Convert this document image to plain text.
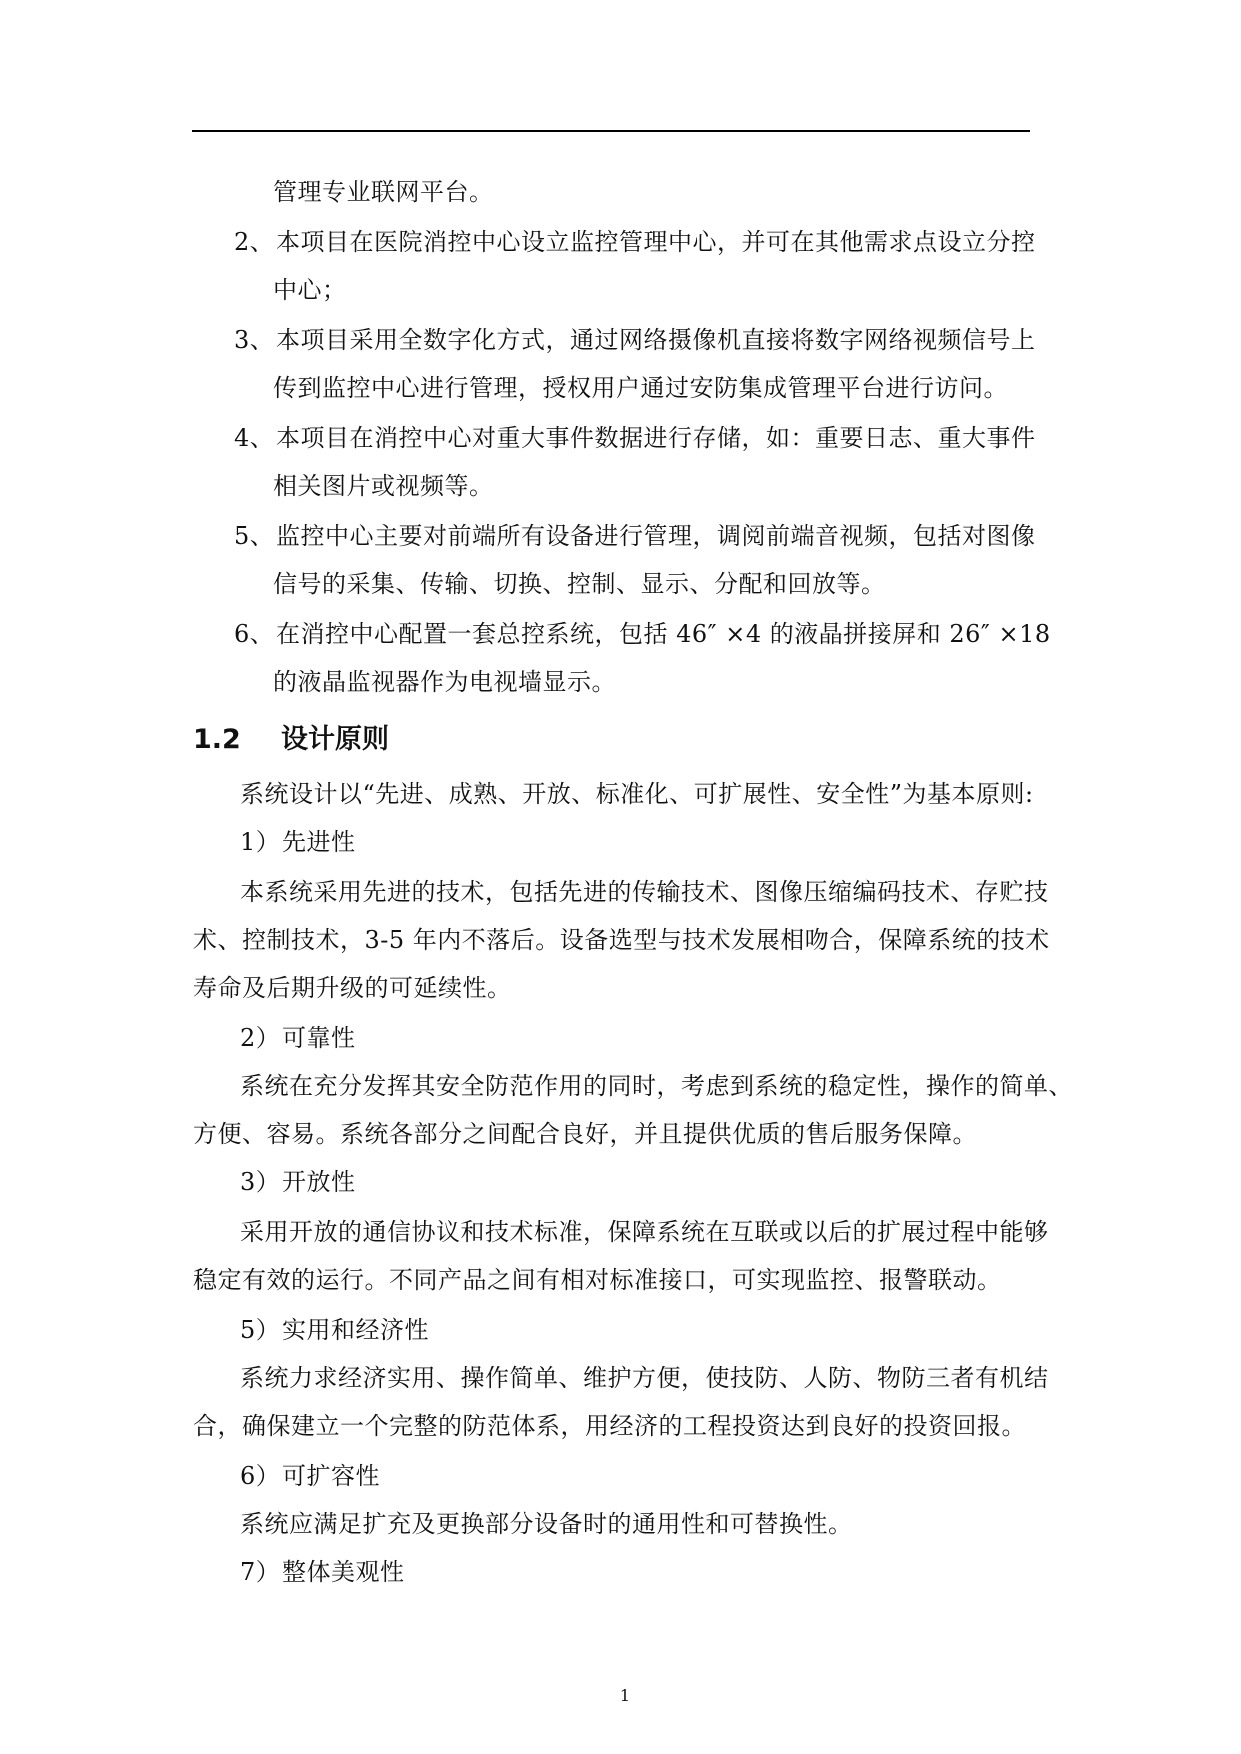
管理专业联网平台。
2、本项目在医院消控中心设立监控管理中心，并可在其他需求点设立分控
中心；
3、本项目采用全数字化方式，通过网络摄像机直接将数字网络视频信号上
传到监控中心进行管理，授权用户通过安防集成管理平台进行访问。
4、本项目在消控中心对重大事件数据进行存储，如：重要日志、重大事件
相关图片或视频等。
5、监控中心主要对前端所有设备进行管理，调阅前端音视频，包括对图像
信号的采集、传输、切换、控制、显示、分配和回放等。
6、在消控中心配置一套总控系统，包括 46″ ×4 的液晶拼接屏和 26″ ×18
的液晶监视器作为电视墙显示。
1.2 设计原则
系统设计以“先进、成熟、开放、标准化、可扩展性、安全性”为基本原则:
1）先进性
本系统采用先进的技术，包括先进的传输技术、图像压缩编码技术、存贮技
术、控制技术，3-5 年内不落后。设备选型与技术发展相吻合，保障系统的技术
寿命及后期升级的可延续性。
2）可靠性
系统在充分发挥其安全防范作用的同时，考虑到系统的稳定性，操作的简单、
方便、容易。系统各部分之间配合良好，并且提供优质的售后服务保障。
3）开放性
采用开放的通信协议和技术标准，保障系统在互联或以后的扩展过程中能够
稳定有效的运行。不同产品之间有相对标准接口，可实现监控、报警联动。
5）实用和经济性
系统力求经济实用、操作简单、维护方便，使技防、人防、物防三者有机结
合，确保建立一个完整的防范体系，用经济的工程投资达到良好的投资回报。
6）可扩容性
系统应满足扩充及更换部分设备时的通用性和可替换性。
7）整体美观性
1
